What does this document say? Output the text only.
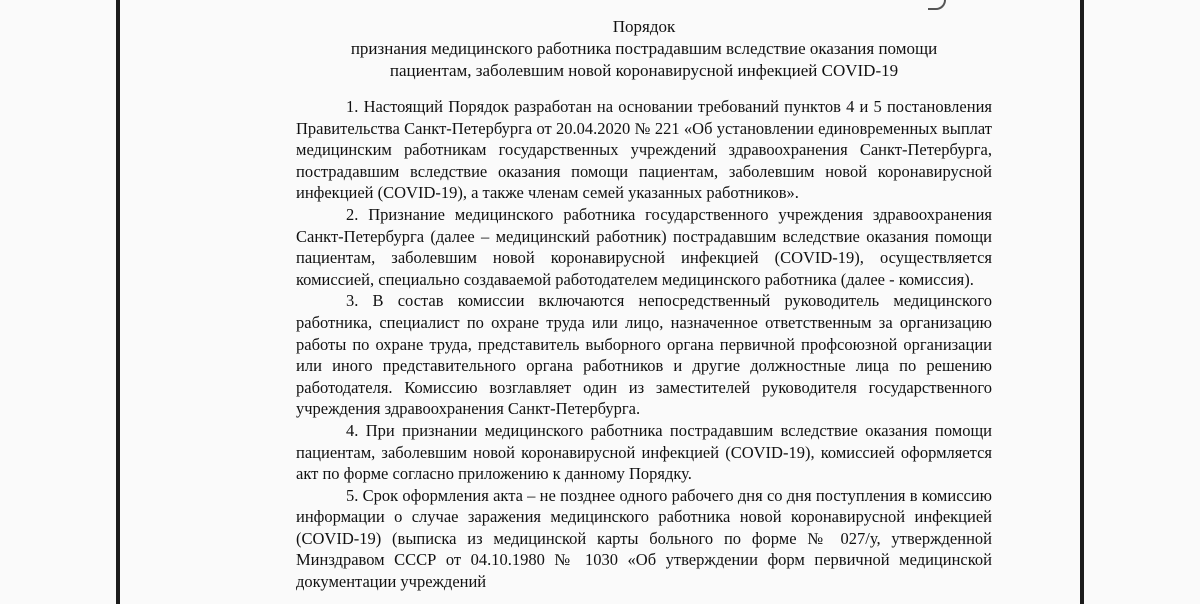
Порядок
признания медицинского работника пострадавшим вследствие оказания помощи
пациентам, заболевшим новой коронавирусной инфекцией COVID-19

1. Настоящий Порядок разработан на основании требований пунктов 4 и 5 постановления Правительства Санкт-Петербурга от 20.04.2020 № 221 «Об установлении единовременных выплат медицинским работникам государственных учреждений здравоохранения Санкт-Петербурга, пострадавшим вследствие оказания помощи пациентам, заболевшим новой коронавирусной инфекцией (COVID-19), а также членам семей указанных работников».

2. Признание медицинского работника государственного учреждения здравоохранения Санкт-Петербурга (далее – медицинский работник) пострадавшим вследствие оказания помощи пациентам, заболевшим новой коронавирусной инфекцией (COVID-19), осуществляется комиссией, специально создаваемой работодателем медицинского работника (далее - комиссия).

3. В состав комиссии включаются непосредственный руководитель медицинского работника, специалист по охране труда или лицо, назначенное ответственным за организацию работы по охране труда, представитель выборного органа первичной профсоюзной организации или иного представительного органа работников и другие должностные лица по решению работодателя. Комиссию возглавляет один из заместителей руководителя государственного учреждения здравоохранения Санкт-Петербурга.

4. При признании медицинского работника пострадавшим вследствие оказания помощи пациентам, заболевшим новой коронавирусной инфекцией (COVID-19), комиссией оформляется акт по форме согласно приложению к данному Порядку.

5. Срок оформления акта – не позднее одного рабочего дня со дня поступления в комиссию информации о случае заражения медицинского работника новой коронавирусной инфекцией (COVID-19) (выписка из медицинской карты больного по форме № 027/у, утвержденной Минздравом СССР от 04.10.1980 № 1030 «Об утверждении форм первичной медицинской документации учреждений
